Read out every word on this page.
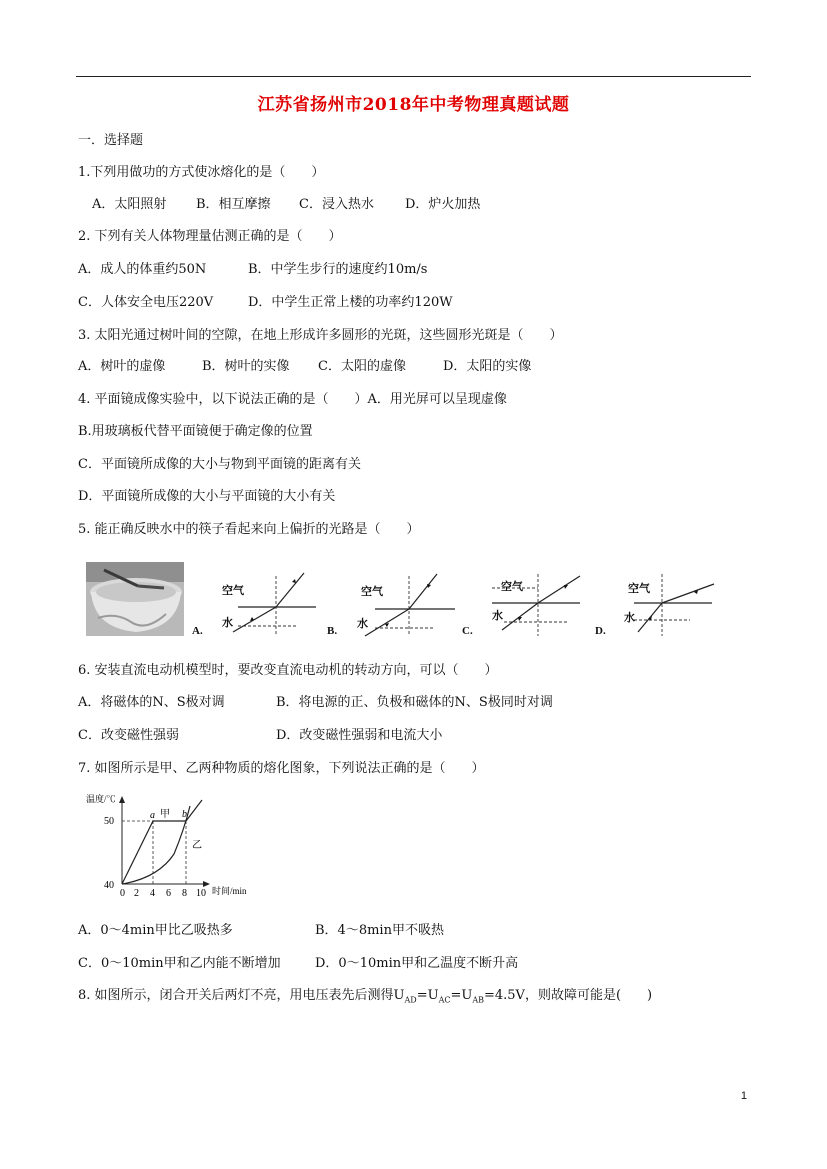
江苏省扬州市2018年中考物理真题试题
一．选择题
1.下列用做功的方式使冰熔化的是（　　）
A．太阳照射 B．相互摩擦 C．浸入热水 D．炉火加热
2. 下列有关人体物理量估测正确的是（　　）
A．成人的体重约50N	B．中学生步行的速度约10m/s
C．人体安全电压220V	D．中学生正常上楼的功率约120W
3. 太阳光通过树叶间的空隙，在地上形成许多圆形的光斑，这些圆形光斑是（　　）
A．树叶的虚像	B．树叶的实像 C．太阳的虚像	D．太阳的实像
4. 平面镜成像实验中，以下说法正确的是（　　）A．用光屏可以呈现虚像
B.用玻璃板代替平面镜便于确定像的位置
C．平面镜所成像的大小与物到平面镜的距离有关
D．平面镜所成像的大小与平面镜的大小有关
5. 能正确反映水中的筷子看起来向上偏折的光路是（　　）
空气
水
A.
空气
水
B.
空气
水
C.
空气
水
D.
6. 安装直流电动机模型时，要改变直流电动机的转动方向，可以（　　）
A．将磁体的N、S极对调	B．将电源的正、负极和磁体的N、S极同时对调
C．改变磁性强弱	D．改变磁性强弱和电流大小
7. 如图所示是甲、乙两种物质的熔化图象，下列说法正确的是（　　）
温度/℃
50
40
0 2 4 6 8 10 时间/min
a 甲 b
乙
A．0～4min甲比乙吸热多	B．4～8min甲不吸热
C．0～10min甲和乙内能不断增加	D．0～10min甲和乙温度不断升高
8. 如图所示，闭合开关后两灯不亮，用电压表先后测得$U_{AD}=U_{AC}=U_{AB}=4.5V$，则故障可能是(　　)
1
